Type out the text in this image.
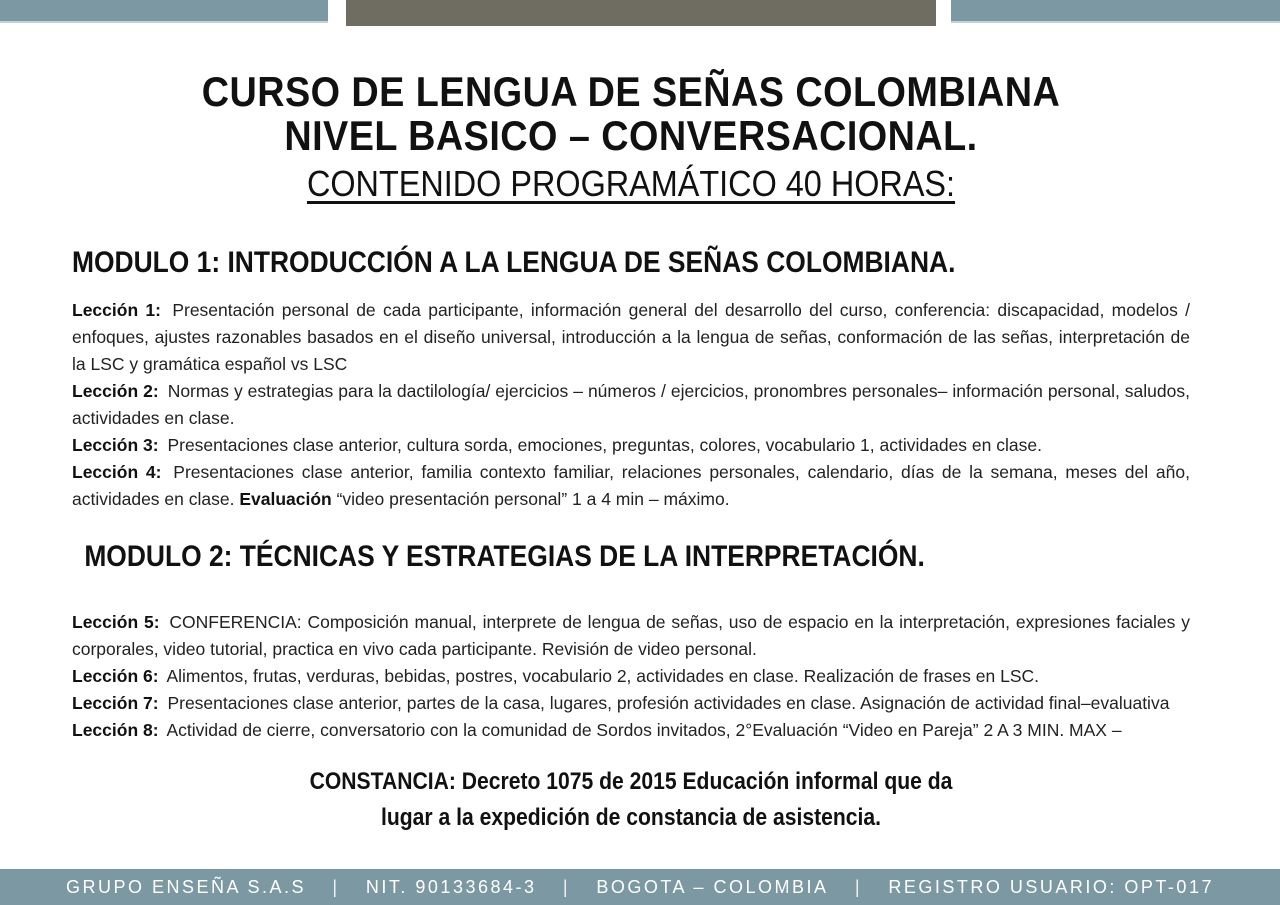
CURSO DE LENGUA DE SEÑAS COLOMBIANA
NIVEL BASICO – CONVERSACIONAL.
CONTENIDO PROGRAMÁTICO 40 HORAS:
MODULO 1: INTRODUCCIÓN A LA LENGUA DE SEÑAS COLOMBIANA.

Lección 1: Presentación personal de cada participante, información general del desarrollo del curso, conferencia: discapacidad, modelos / enfoques, ajustes razonables basados en el diseño universal, introducción a la lengua de señas, conformación de las señas, interpretación de la LSC y gramática español vs LSC

Lección 2: Normas y estrategias para la dactilología/ ejercicios – números / ejercicios, pronombres personales– información personal, saludos, actividades en clase.

Lección 3: Presentaciones clase anterior, cultura sorda, emociones, preguntas, colores, vocabulario 1, actividades en clase.

Lección 4: Presentaciones clase anterior, familia contexto familiar, relaciones personales, calendario, días de la semana, meses del año, actividades en clase. Evaluación “video presentación personal” 1 a 4 min – máximo.

MODULO 2: TÉCNICAS Y ESTRATEGIAS DE LA INTERPRETACIÓN.

Lección 5: CONFERENCIA: Composición manual, interprete de lengua de señas, uso de espacio en la interpretación, expresiones faciales y corporales, video tutorial, practica en vivo cada participante. Revisión de video personal.

Lección 6: Alimentos, frutas, verduras, bebidas, postres, vocabulario 2, actividades en clase. Realización de frases en LSC.

Lección 7: Presentaciones clase anterior, partes de la casa, lugares, profesión actividades en clase. Asignación de actividad final–evaluativa

Lección 8: Actividad de cierre, conversatorio con la comunidad de Sordos invitados, 2°Evaluación “Video en Pareja” 2 A 3 MIN. MAX –

CONSTANCIA: Decreto 1075 de 2015 Educación informal que da
lugar a la expedición de constancia de asistencia.
GRUPO ENSEÑA S.A.S | NIT. 90133684-3 | BOGOTA – COLOMBIA | REGISTRO USUARIO: OPT-017
